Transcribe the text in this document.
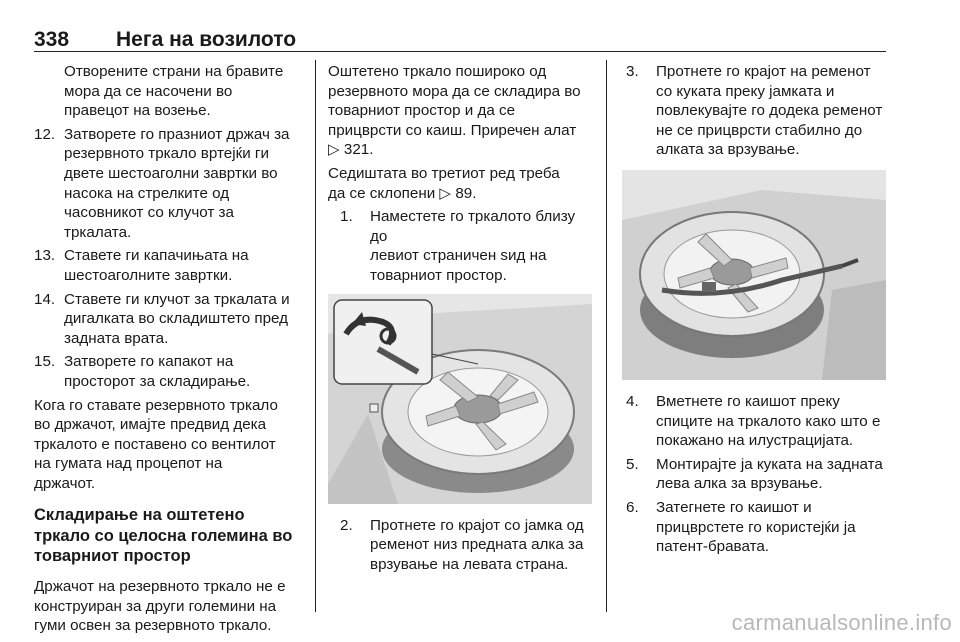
338 Нега на возилото

Отворените страни на бравите
мора да се насочени во
правецот на возење.

12. Затворете го празниот држач за
резервното тркало вртејќи ги
двете шестоаголни завртки во
насока на стрелките од
часовникот со клучот за
тркалата.
13. Ставете ги капачињата на
шестоаголните завртки.
14. Ставете ги клучот за тркалата и
дигалката во складиштето пред
задната врата.
15. Затворете го капакот на
просторот за складирање.

Кога го ставате резервното тркало
во држачот, имајте предвид дека
тркалото е поставено со вентилот
на гумата над процепот на
држачот.

Складирање на оштетено
тркало со целосна големина во
товарниот простор

Држачот на резервното тркало не е
конструиран за други големини на
гуми освен за резервното тркало.

Оштетено тркало пошироко од
резервното мора да се складира во
товарниот простор и да се
прицврсти со каиш. Приречен алат
▷ 321.

Седиштата во третиот ред треба
да се склопени ▷ 89.

1. Наместете го тркалото близу до
левиот страничен ѕид на
товарниот простор.
2. Протнете го крајот со јамка од
ременот низ предната алка за
врзување на левата страна.
3. Протнете го крајот на ременот
со куката преку јамката и
повлекувајте го додека ременот
не се прицврсти стабилно до
алката за врзување.
4. Вметнете го каишот преку
спиците на тркалото како што е
покажано на илустрацијата.
5. Монтирајте ја куката на задната
лева алка за врзување.
6. Затегнете го каишот и
прицврстете го користејќи ја
патент-бравата.
carmanualsonline.info
